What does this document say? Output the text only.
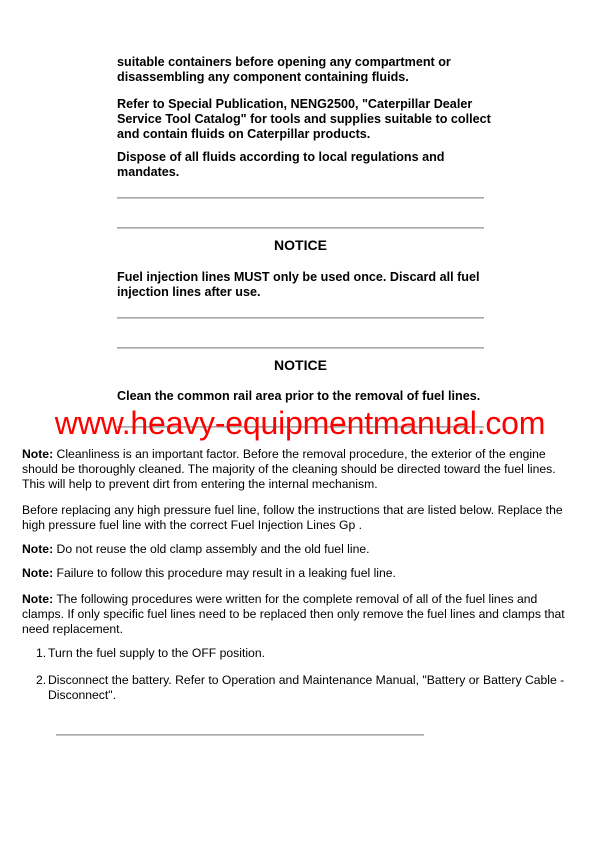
suitable containers before opening any compartment or
disassembling any component containing fluids.
Refer to Special Publication, NENG2500, "Caterpillar Dealer
Service Tool Catalog" for tools and supplies suitable to collect
and contain fluids on Caterpillar products.
Dispose of all fluids according to local regulations and
mandates.
NOTICE
Fuel injection lines MUST only be used once. Discard all fuel
injection lines after use.
NOTICE
Clean the common rail area prior to the removal of fuel lines.
www.heavy-equipmentmanual.com
Note: Cleanliness is an important factor. Before the removal procedure, the exterior of the engine
should be thoroughly cleaned. The majority of the cleaning should be directed toward the fuel lines.
This will help to prevent dirt from entering the internal mechanism.
Before replacing any high pressure fuel line, follow the instructions that are listed below. Replace the
high pressure fuel line with the correct Fuel Injection Lines Gp .
Note: Do not reuse the old clamp assembly and the old fuel line.
Note: Failure to follow this procedure may result in a leaking fuel line.
Note: The following procedures were written for the complete removal of all of the fuel lines and
clamps. If only specific fuel lines need to be replaced then only remove the fuel lines and clamps that
need replacement.
1. Turn the fuel supply to the OFF position.
2. Disconnect the battery. Refer to Operation and Maintenance Manual, "Battery or Battery Cable -
Disconnect".
